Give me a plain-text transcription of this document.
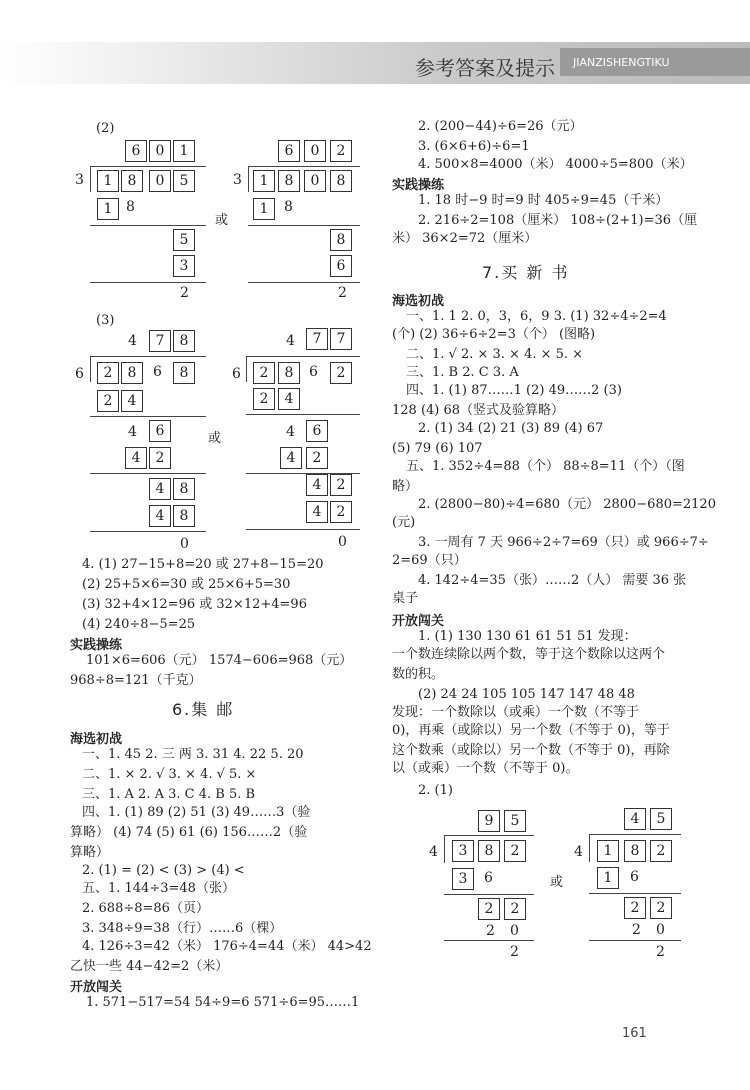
参考答案及提示 JIANZISHENGTIKU
(2)
6	0	1
3	1	8	0	5
1 8
5
3
2
或
6	0	2
3	1	8	0	8
1	8
8
6
2
(3)
4	7	8
6	2	8	6	8
2	4
4	6
4	2
4	8
4	8
0
或
4	7	7
6	2	8	6	2
2	4
4	6
4	2
4	2
4	2
0
4. (1) 27−15+8=20 或 27+8−15=20
(2) 25+5×6=30 或 25×6+5=30
(3) 32+4×12=96 或 32×12+4=96
(4) 240÷8−5=25
实践操练
101×6=606（元） 1574−606=968（元）
968÷8=121（千克）
6.集 邮
海选初战
一、1. 45 2. 三 两 3. 31 4. 22 5. 20
二、1. × 2. √ 3. × 4. √ 5. ×
三、1. A 2. A 3. C 4. B 5. B
四、1. (1) 89 (2) 51 (3) 49……3（验
算略） (4) 74 (5) 61 (6) 156……2（验
算略）
2. (1) = (2) < (3) > (4) <
五、1. 144÷3=48（张）
2. 688÷8=86（页）
3. 348÷9=38（行）……6（棵）
4. 126÷3=42（米） 176÷4=44（米） 44>42
乙快一些 44−42=2（米）
开放闯关
1. 571−517=54 54÷9=6 571÷6=95……1
2. (200−44)÷6=26（元）
3. (6×6+6)÷6=1
4. 500×8=4000（米） 4000÷5=800（米）
实践操练
1. 18 时−9 时=9 时 405÷9=45（千米）
2. 216÷2=108（厘米） 108÷(2+1)=36（厘
米） 36×2=72（厘米）
7.买 新 书
海选初战
一、1. 1 2. 0，3，6，9 3. (1) 32÷4÷2=4
(个) (2) 36÷6÷2=3（个） (图略)
二、1. √ 2. × 3. × 4. × 5. ×
三、1. B 2. C 3. A
四、1. (1) 87……1 (2) 49……2 (3)
128 (4) 68（竖式及验算略）
2. (1) 34 (2) 21 (3) 89 (4) 67
(5) 79 (6) 107
五、1. 352÷4=88（个） 88÷8=11（个）（图
略）
2. (2800−80)÷4=680（元） 2800−680=2120
(元)
3. 一周有 7 天 966÷2÷7=69（只）或 966÷7÷
2=69（只）
4. 142÷4=35（张）……2（人） 需要 36 张
桌子
开放闯关
1. (1) 130 130 61 61 51 51 发现：
一个数连续除以两个数，等于这个数除以这两个
数的积。
(2) 24 24 105 105 147 147 48 48
发现：一个数除以（或乘）一个数（不等于
0)，再乘（或除以）另一个数（不等于 0)，等于
这个数乘（或除以）另一个数（不等于 0)，再除
以（或乘）一个数（不等于 0)。
2. (1)
9	5
4	3	8	2
3	6
2	2
2 0
2
或
4	5
4	1	8	2
1	6
2	2
2 0
2
161
